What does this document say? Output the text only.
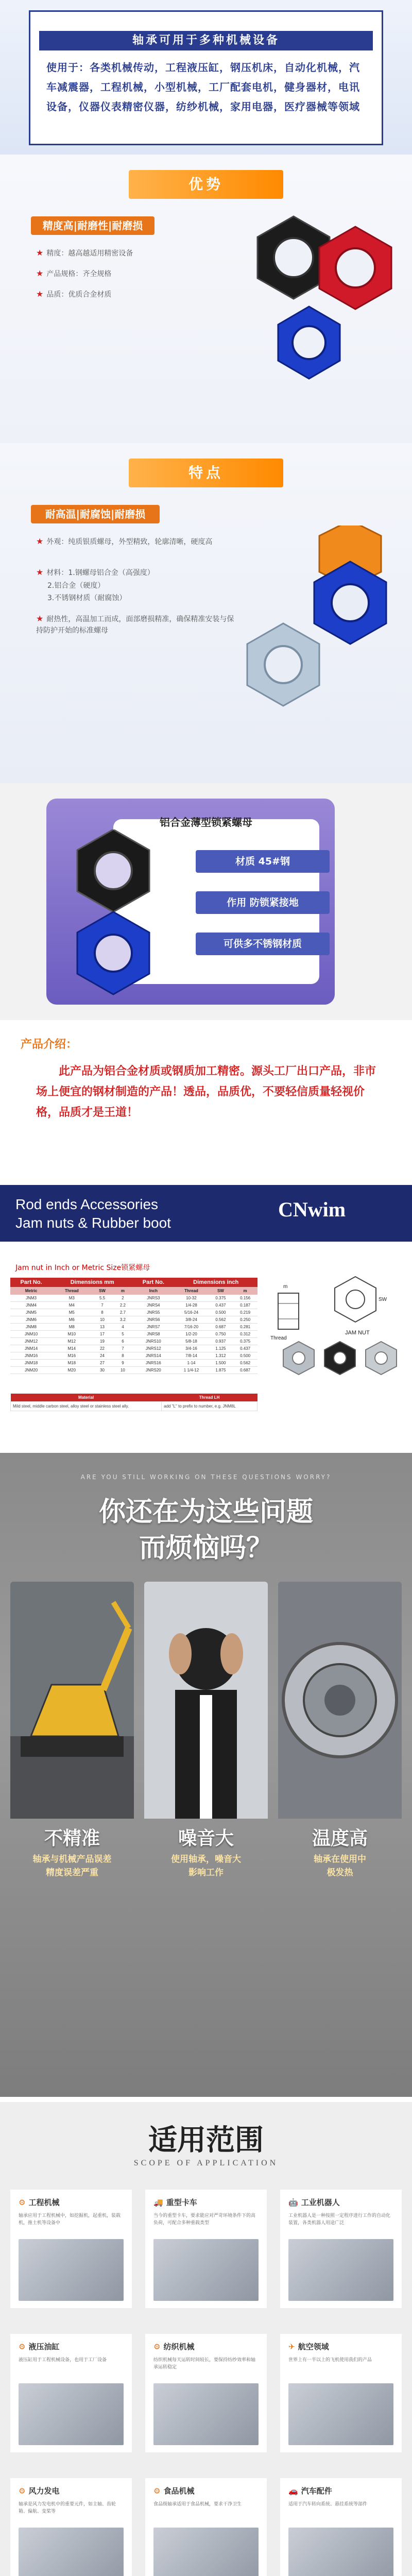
轴承可用于多种机械设备
使用于：各类机械传动，工程液压缸，钢压机床，自动化机械，汽车减震器，工程机械，小型机械，工厂配套电机，健身器材，电讯设备，仪器仪表精密仪器，纺纱机械，家用电器，医疗器械等领域
优势
精度高|耐磨性|耐磨损
★ 精度：越高越适用精密设备
★ 产品规格：齐全规格
★ 品质：优质合金材质
特点
耐高温|耐腐蚀|耐磨损
★ 外观：纯质银质螺母，外型精致，轮廓清晰，硬度高
★ 材料：1.钢螺母铝合金（高强度）
2.铝合金（硬度）
3.不锈钢材质（耐腐蚀）
★ 耐热性，高温加工而成，面部磨损精准，确保精准安装与保持防护开始的标准螺母
铝合金薄型锁紧螺母
材质 45#钢
作用 防锁紧接地
可供多不锈钢材质
产品介绍：
此产品为铝合金材质或钢质加工精密。源头工厂出口产品，非市场上便宜的钢材制造的产品！透品，品质优，不要轻信质量轻视价格，品质才是王道！
Rod ends Accessories
Jam nuts & Rubber boot
CNwim
Jam nut in Inch or Metric Size锁紧螺母
Part No.	Dimensions mm			Part No.	Dimensions inch		
Metric	Thread	SW	m	Inch	Thread	SW	m
JNM3	M3	5.5	2	JNRS3	10-32	0.375	0.156
JNM4	M4	7	2.2	JNRS4	1/4-28	0.437	0.187
JNM5	M5	8	2.7	JNRS5	5/16-24	0.500	0.219
JNM6	M6	10	3.2	JNRS6	3/8-24	0.562	0.250
JNM8	M8	13	4	JNRS7	7/16-20	0.687	0.281
JNM10	M10	17	5	JNRS8	1/2-20	0.750	0.312
JNM12	M12	19	6	JNRS10	5/8-18	0.937	0.375
JNM14	M14	22	7	JNRS12	3/4-16	1.125	0.437
JNM16	M16	24	8	JNRS14	7/8-14	1.312	0.500
JNM18	M18	27	9	JNRS16	1-14	1.500	0.562
JNM20	M20	30	10	JNRS20	1 1/4-12	1.875	0.687
Thread
m
SW
JAM NUT
Material	Thread LH
Mild steel, middle carbon steel, alloy steel or stainless steel ally.	add "L" to prefix to number, e.g. JNM8L
ARE YOU STILL WORKING ON THESE QUESTIONS WORRY?
你还在为这些问题
而烦恼吗？
不精准
轴承与机械产品误差
精度误差严重
噪音大
使用轴承，噪音大
影响工作
温度高
轴承在使用中
极发热
适用范围
SCOPE OF APPLICATION
⚙ 工程机械
轴承应用于工程机械中，如挖掘机，起重机，装载机，推土机等设备中
🚚 重型卡车
当今的重型卡车，要求能应对严苛环境条件下的高负荷，可配合多种重载类型
🤖 工业机器人
工业机器人是一种按照一定程序进行工作的自动化装置，各类机器人用途广泛
⚙ 液压油缸
液压缸用于工程机械设备，也用于工厂设备
⚙ 纺织机械
纺织机械每天运转时间较长，要保持纺纱效率和轴承运转稳定
✈ 航空领域
世界上有一半以上的飞机使用我们的产品
⚙ 风力发电
轴承是风力发电机中的重要元件，如主轴、齿轮箱、偏航、变桨等
⚙ 食品机械
食品级轴承适用于食品机械，要求干净卫生
🚗 汽车配件
适用于汽车转向系统、悬挂系统等部件
